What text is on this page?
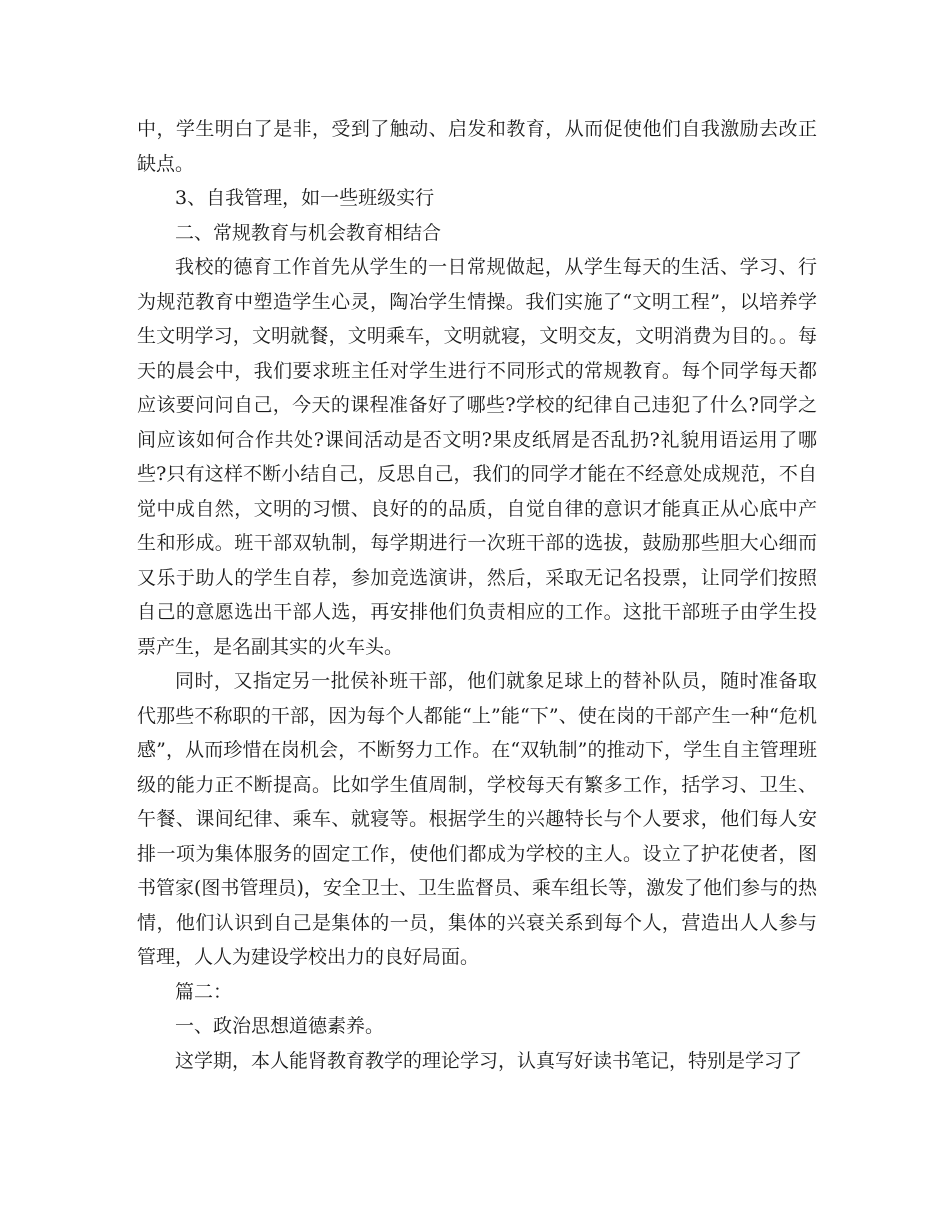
中，学生明白了是非，受到了触动、启发和教育，从而促使他们自我激励去改正缺点。

3、自我管理，如一些班级实行

二、常规教育与机会教育相结合

我校的德育工作首先从学生的一日常规做起，从学生每天的生活、学习、行为规范教育中塑造学生心灵，陶冶学生情操。我们实施了“文明工程”，以培养学生文明学习，文明就餐，文明乘车，文明就寝，文明交友，文明消费为目的。。每天的晨会中，我们要求班主任对学生进行不同形式的常规教育。每个同学每天都应该要问问自己，今天的课程准备好了哪些?学校的纪律自己违犯了什么?同学之间应该如何合作共处?课间活动是否文明?果皮纸屑是否乱扔?礼貌用语运用了哪些?只有这样不断小结自己，反思自己，我们的同学才能在不经意处成规范，不自觉中成自然，文明的习惯、良好的的品质，自觉自律的意识才能真正从心底中产生和形成。班干部双轨制，每学期进行一次班干部的选拔，鼓励那些胆大心细而又乐于助人的学生自荐，参加竞选演讲，然后，采取无记名投票，让同学们按照自己的意愿选出干部人选，再安排他们负责相应的工作。这批干部班子由学生投票产生，是名副其实的火车头。

同时，又指定另一批侯补班干部，他们就象足球上的替补队员，随时准备取代那些不称职的干部，因为每个人都能“上”能“下”、使在岗的干部产生一种“危机感”，从而珍惜在岗机会，不断努力工作。在“双轨制”的推动下，学生自主管理班级的能力正不断提高。比如学生值周制，学校每天有繁多工作，括学习、卫生、午餐、课间纪律、乘车、就寝等。根据学生的兴趣特长与个人要求，他们每人安排一项为集体服务的固定工作，使他们都成为学校的主人。设立了护花使者，图书管家(图书管理员)，安全卫士、卫生监督员、乘车组长等，激发了他们参与的热情，他们认识到自己是集体的一员，集体的兴衰关系到每个人，营造出人人参与管理，人人为建设学校出力的良好局面。

篇二：

一、政治思想道德素养。

这学期，本人能肾教育教学的理论学习，认真写好读书笔记，特别是学习了
